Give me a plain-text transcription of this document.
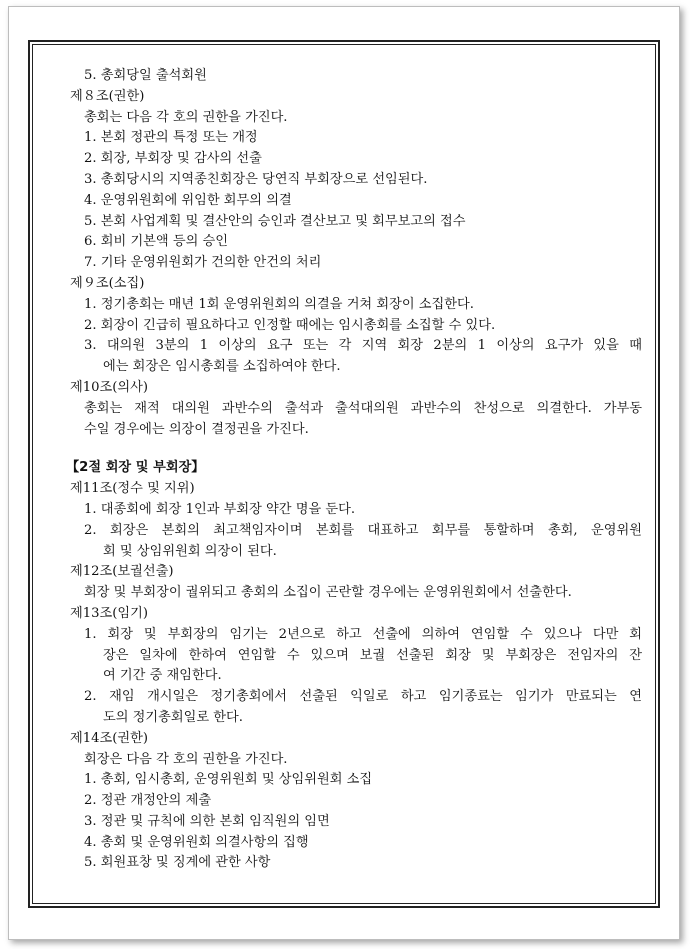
5. 총회당일 출석회원
제８조(권한)
총회는 다음 각 호의 권한을 가진다.
1. 본회 정관의 특정 또는 개정
2. 회장, 부회장 및 감사의 선출
3. 총회당시의 지역종친회장은 당연직 부회장으로 선임된다.
4. 운영위원회에 위임한 회무의 의결
5. 본회 사업계획 및 결산안의 승인과 결산보고 및 회무보고의 접수
6. 회비 기본액 등의 승인
7. 기타 운영위원회가 건의한 안건의 처리
제９조(소집)
1. 정기총회는 매년 1회 운영위원회의 의결을 거쳐 회장이 소집한다.
2. 회장이 긴급히 필요하다고 인정할 때에는 임시총회를 소집할 수 있다.
3. 대의원 3분의 1 이상의 요구 또는 각 지역 회장 2분의 1 이상의 요구가 있을 때
에는 회장은 임시총회를 소집하여야 한다.
제10조(의사)
총회는 재적 대의원 과반수의 출석과 출석대의원 과반수의 찬성으로 의결한다. 가부동
수일 경우에는 의장이 결정권을 가진다.
【2절 회장 및 부회장】
제11조(정수 및 지위)
1. 대종회에 회장 1인과 부회장 약간 명을 둔다.
2. 회장은 본회의 최고책임자이며 본회를 대표하고 회무를 통할하며 총회, 운영위원
회 및 상임위원회 의장이 된다.
제12조(보궐선출)
회장 및 부회장이 궐위되고 총회의 소집이 곤란할 경우에는 운영위원회에서 선출한다.
제13조(임기)
1. 회장 및 부회장의 임기는 2년으로 하고 선출에 의하여 연임할 수 있으나 다만 회
장은 일차에 한하여 연임할 수 있으며 보궐 선출된 회장 및 부회장은 전임자의 잔
여 기간 중 재임한다.
2. 재임 개시일은 정기총회에서 선출된 익일로 하고 임기종료는 임기가 만료되는 연
도의 정기총회일로 한다.
제14조(권한)
회장은 다음 각 호의 권한을 가진다.
1. 총회, 임시총회, 운영위원회 및 상임위원회 소집
2. 정관 개정안의 제출
3. 정관 및 규칙에 의한 본회 임직원의 임면
4. 총회 및 운영위원회 의결사항의 집행
5. 회원표창 및 징계에 관한 사항
